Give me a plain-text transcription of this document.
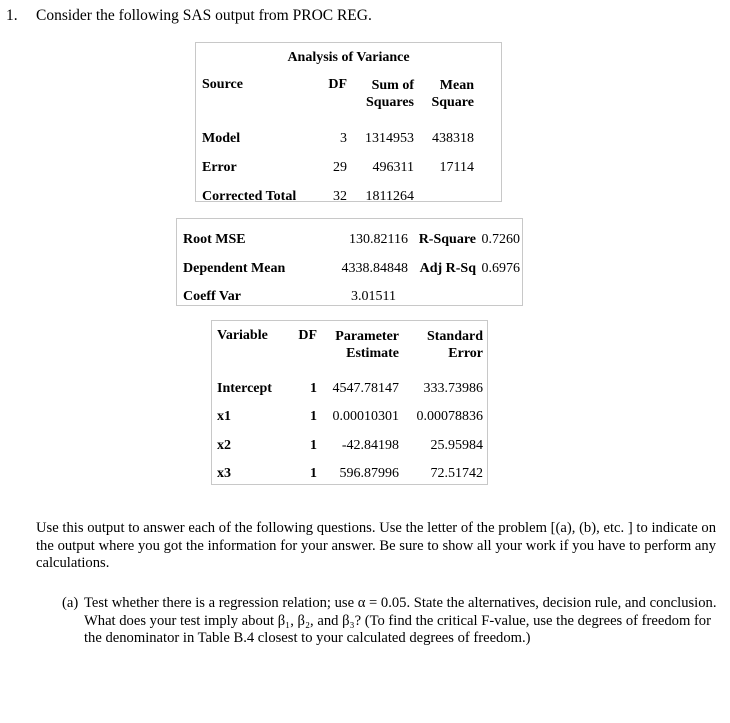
1. Consider the following SAS output from PROC REG.
Analysis of Variance
Source	DF	Sum of	Mean
		Squares	Square
Model	3	1314953	438318
Error	29	496311	17114
Corrected Total	32	1811264	
Root MSE	130.82116	R-Square	0.7260
Dependent Mean	4338.84848	Adj R-Sq	0.6976
Coeff Var	3.01511		
Variable	DF	Parameter	Standard
		Estimate	Error
Intercept	1	4547.78147	333.73986
x1	1	0.00010301	0.00078836
x2	1	-42.84198	25.95984
x3	1	596.87996	72.51742
Use this output to answer each of the following questions. Use the letter of the problem [(a), (b), etc. ] to indicate on the output where you got the information for your answer. Be sure to show all your work if you have to perform any calculations.
(a) Test whether there is a regression relation; use α = 0.05. State the alternatives, decision rule, and conclusion. What does your test imply about β₁, β₂, and β₃? (To find the critical F-value, use the degrees of freedom for the denominator in Table B.4 closest to your calculated degrees of freedom.)
